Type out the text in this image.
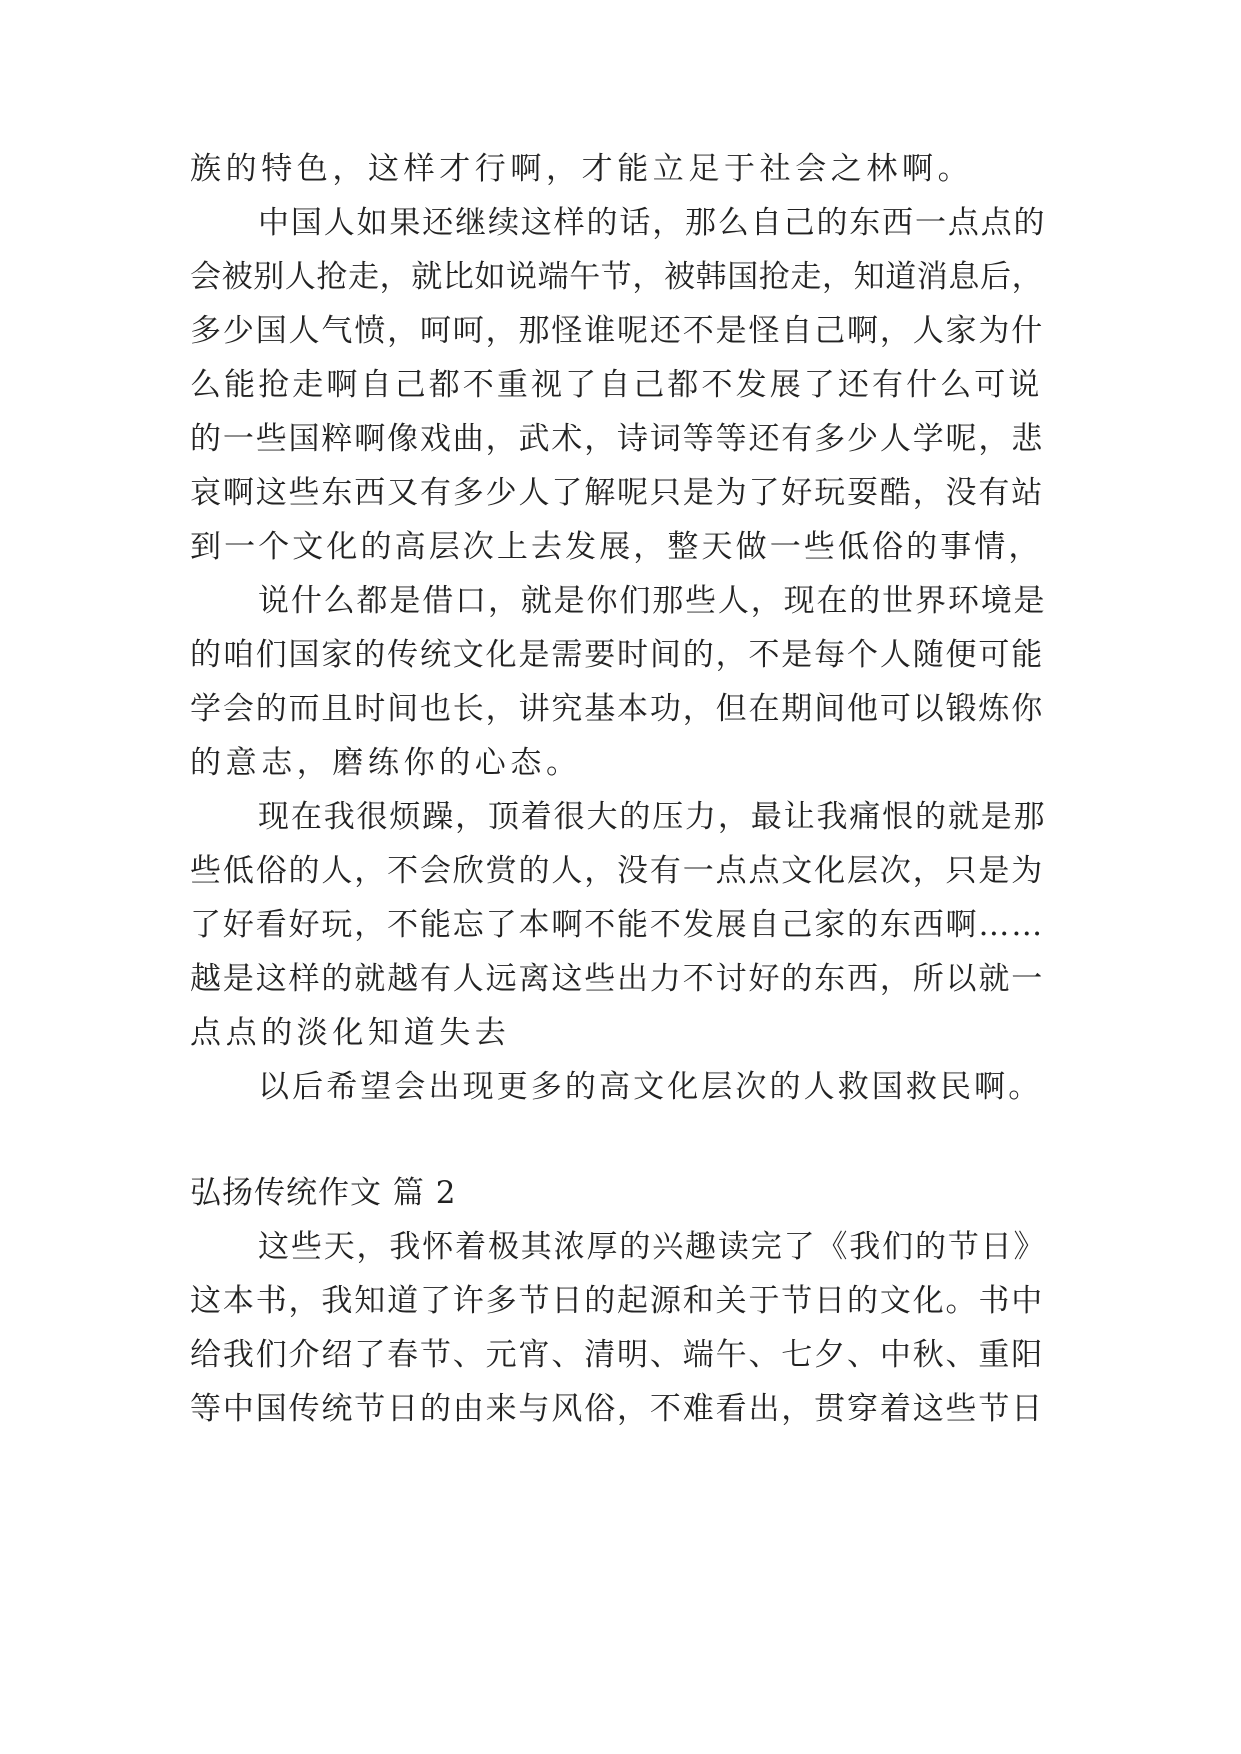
族的特色，这样才行啊，才能立足于社会之林啊。
中国人如果还继续这样的话，那么自己的东西一点点的
会被别人抢走，就比如说端午节，被韩国抢走，知道消息后，
多少国人气愤，呵呵，那怪谁呢还不是怪自己啊，人家为什
么能抢走啊自己都不重视了自己都不发展了还有什么可说
的一些国粹啊像戏曲，武术，诗词等等还有多少人学呢，悲
哀啊这些东西又有多少人了解呢只是为了好玩耍酷，没有站
到一个文化的高层次上去发展，整天做一些低俗的事情，
说什么都是借口，就是你们那些人，现在的世界环境是
的咱们国家的传统文化是需要时间的，不是每个人随便可能
学会的而且时间也长，讲究基本功，但在期间他可以锻炼你
的意志，磨练你的心态。
现在我很烦躁，顶着很大的压力，最让我痛恨的就是那
些低俗的人，不会欣赏的人，没有一点点文化层次，只是为
了好看好玩，不能忘了本啊不能不发展自己家的东西啊……
越是这样的就越有人远离这些出力不讨好的东西，所以就一
点点的淡化知道失去
以后希望会出现更多的高文化层次的人救国救民啊。
弘扬传统作文 篇 2
这些天，我怀着极其浓厚的兴趣读完了《我们的节日》
这本书，我知道了许多节日的起源和关于节日的文化。书中
给我们介绍了春节、元宵、清明、端午、七夕、中秋、重阳
等中国传统节日的由来与风俗，不难看出，贯穿着这些节日
